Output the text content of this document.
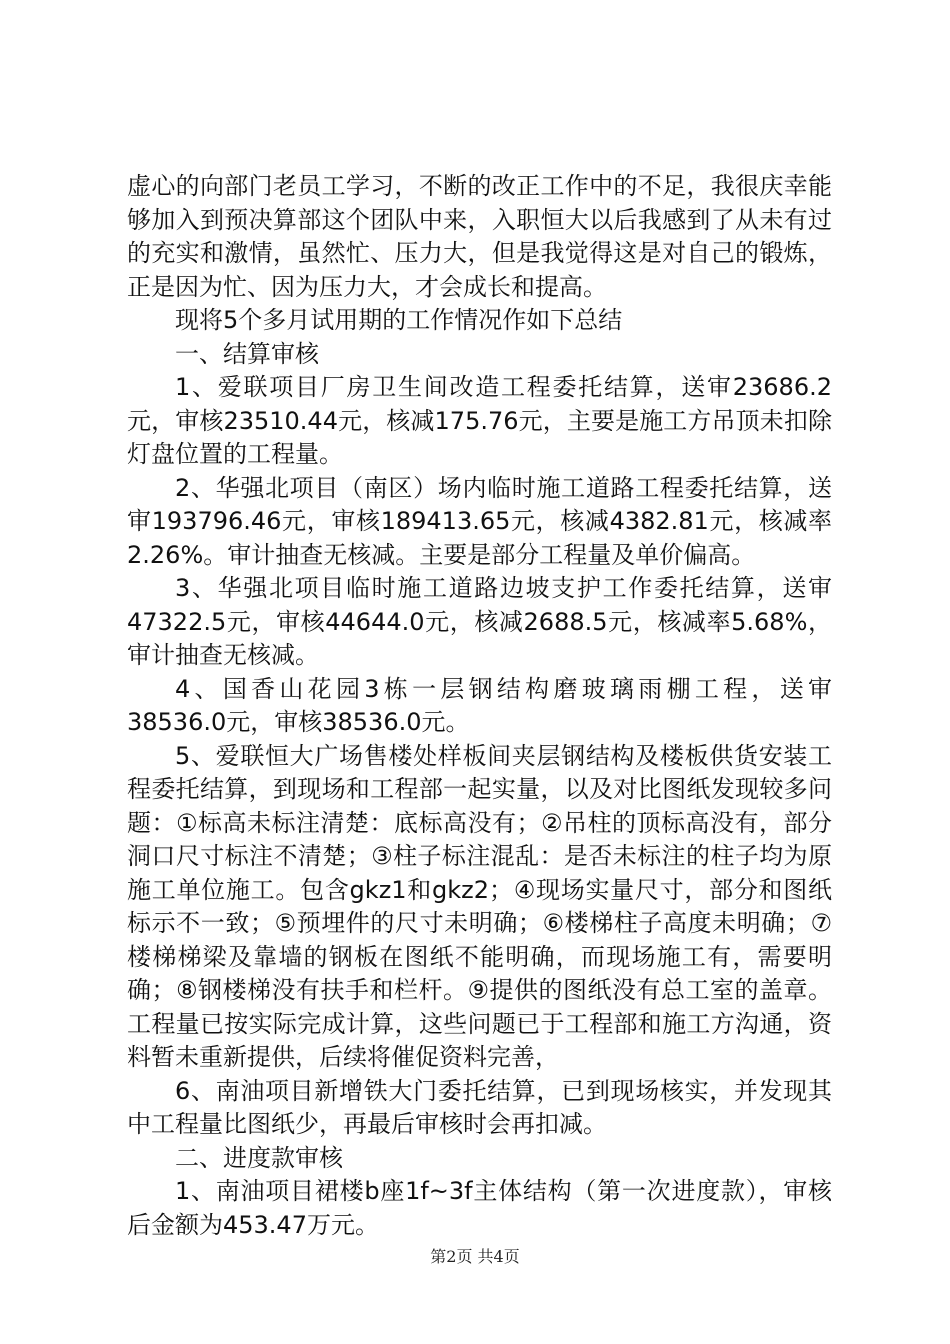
虚心的向部门老员工学习，不断的改正工作中的不足，我很庆幸能够加入到预决算部这个团队中来，入职恒大以后我感到了从未有过的充实和激情，虽然忙、压力大，但是我觉得这是对自己的锻炼，正是因为忙、因为压力大，才会成长和提高。

现将5个多月试用期的工作情况作如下总结

一、结算审核

1、爱联项目厂房卫生间改造工程委托结算，送审23686.2元，审核23510.44元，核减175.76元，主要是施工方吊顶未扣除灯盘位置的工程量。

2、华强北项目（南区）场内临时施工道路工程委托结算，送审193796.46元，审核189413.65元，核减4382.81元，核减率2.26%。审计抽查无核减。主要是部分工程量及单价偏高。

3、华强北项目临时施工道路边坡支护工作委托结算，送审47322.5元，审核44644.0元，核减2688.5元，核减率5.68%，审计抽查无核减。

4、国香山花园3栋一层钢结构磨玻璃雨棚工程，送审38536.0元，审核38536.0元。

5、爱联恒大广场售楼处样板间夹层钢结构及楼板供货安装工程委托结算，到现场和工程部一起实量，以及对比图纸发现较多问题：①标高未标注清楚：底标高没有；②吊柱的顶标高没有，部分洞口尺寸标注不清楚；③柱子标注混乱：是否未标注的柱子均为原施工单位施工。包含gkz1和gkz2；④现场实量尺寸，部分和图纸标示不一致；⑤预埋件的尺寸未明确；⑥楼梯柱子高度未明确；⑦楼梯梯梁及靠墙的钢板在图纸不能明确，而现场施工有，需要明确；⑧钢楼梯没有扶手和栏杆。⑨提供的图纸没有总工室的盖章。工程量已按实际完成计算，这些问题已于工程部和施工方沟通，资料暂未重新提供，后续将催促资料完善，

6、南油项目新增铁大门委托结算，已到现场核实，并发现其中工程量比图纸少，再最后审核时会再扣减。

二、进度款审核

1、南油项目裙楼b座1f~3f主体结构（第一次进度款），审核后金额为453.47万元。

第2页 共4页
